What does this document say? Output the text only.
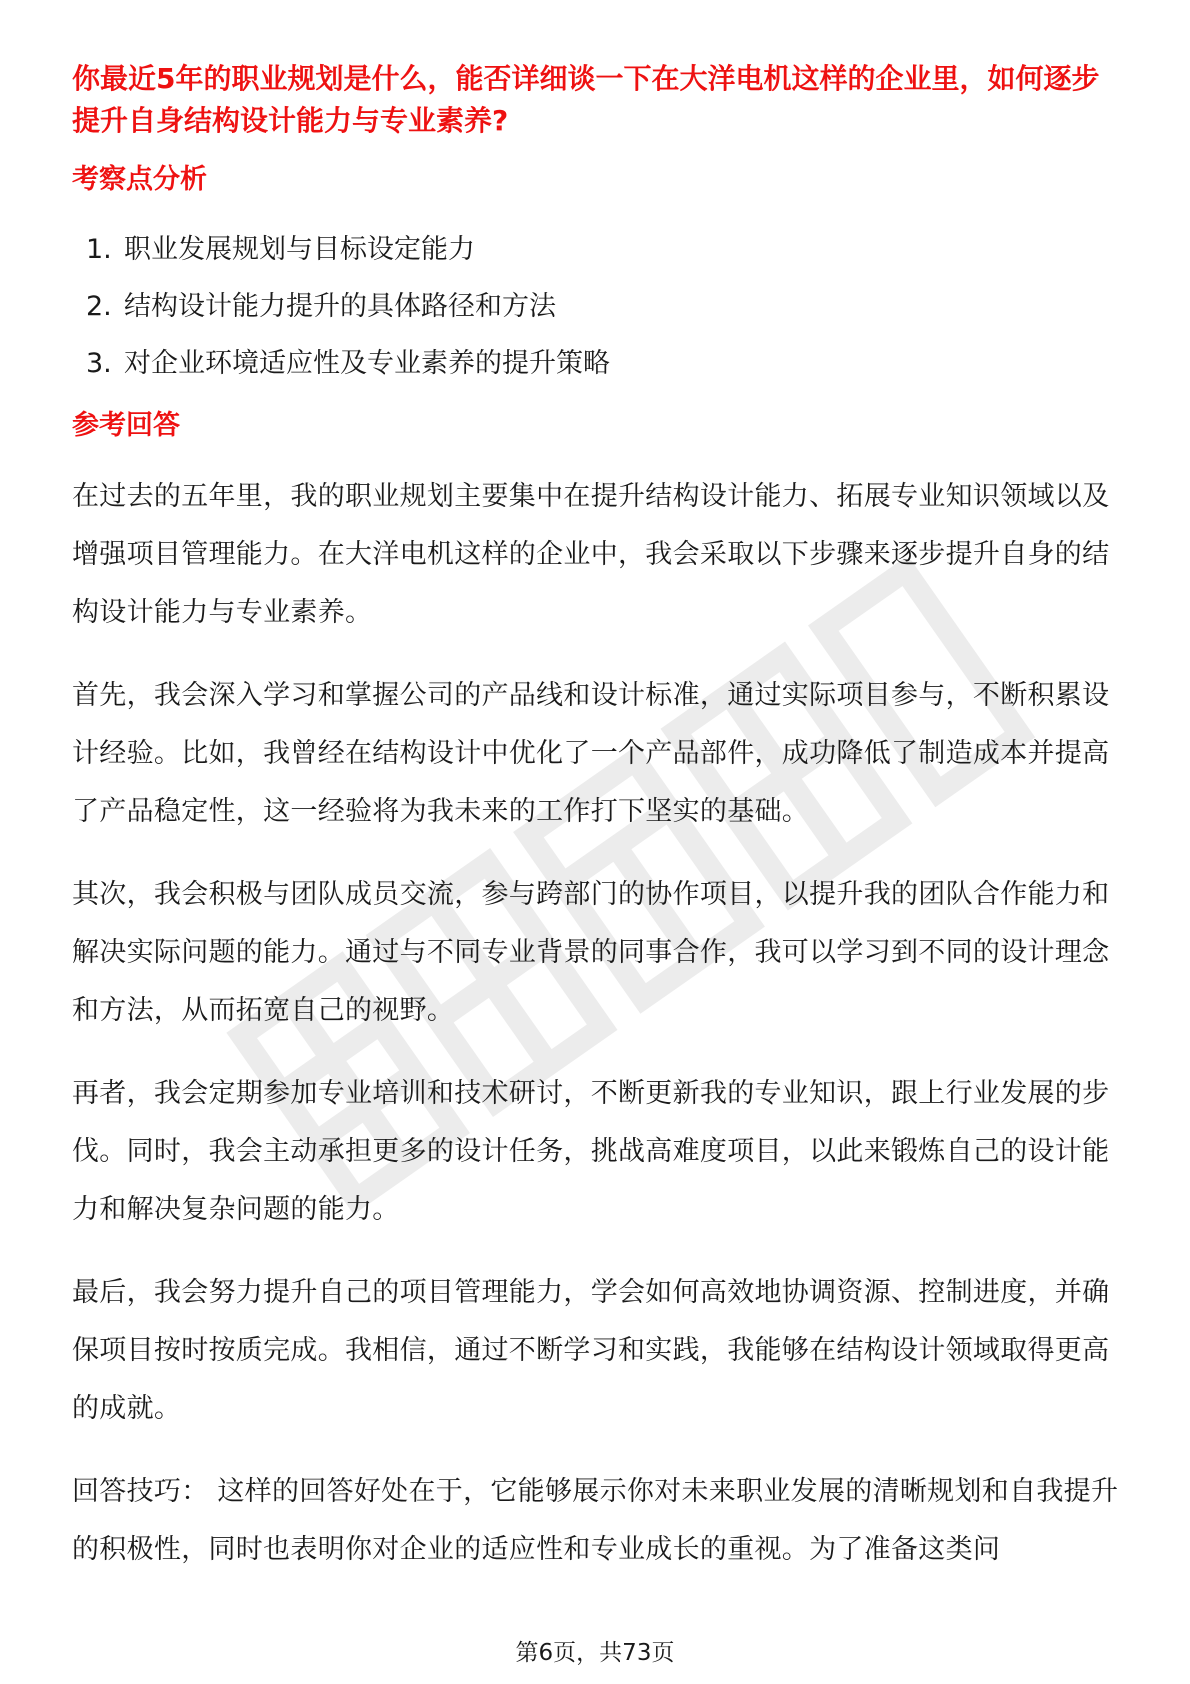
你最近5年的职业规划是什么，能否详细谈一下在大洋电机这样的企业里，如何逐步提升自身结构设计能力与专业素养?

考察点分析
1. 职业发展规划与目标设定能力
2. 结构设计能力提升的具体路径和方法
3. 对企业环境适应性及专业素养的提升策略
参考回答

在过去的五年里，我的职业规划主要集中在提升结构设计能力、拓展专业知识领域以及增强项目管理能力。在大洋电机这样的企业中，我会采取以下步骤来逐步提升自身的结构设计能力与专业素养。

首先，我会深入学习和掌握公司的产品线和设计标准，通过实际项目参与，不断积累设计经验。比如，我曾经在结构设计中优化了一个产品部件，成功降低了制造成本并提高了产品稳定性，这一经验将为我未来的工作打下坚实的基础。

其次，我会积极与团队成员交流，参与跨部门的协作项目，以提升我的团队合作能力和解决实际问题的能力。通过与不同专业背景的同事合作，我可以学习到不同的设计理念和方法，从而拓宽自己的视野。

再者，我会定期参加专业培训和技术研讨，不断更新我的专业知识，跟上行业发展的步伐。同时，我会主动承担更多的设计任务，挑战高难度项目，以此来锻炼自己的设计能力和解决复杂问题的能力。

最后，我会努力提升自己的项目管理能力，学会如何高效地协调资源、控制进度，并确保项目按时按质完成。我相信，通过不断学习和实践，我能够在结构设计领域取得更高的成就。

回答技巧： 这样的回答好处在于，它能够展示你对未来职业发展的清晰规划和自我提升的积极性，同时也表明你对企业的适应性和专业成长的重视。为了准备这类问

第6页，共73页
